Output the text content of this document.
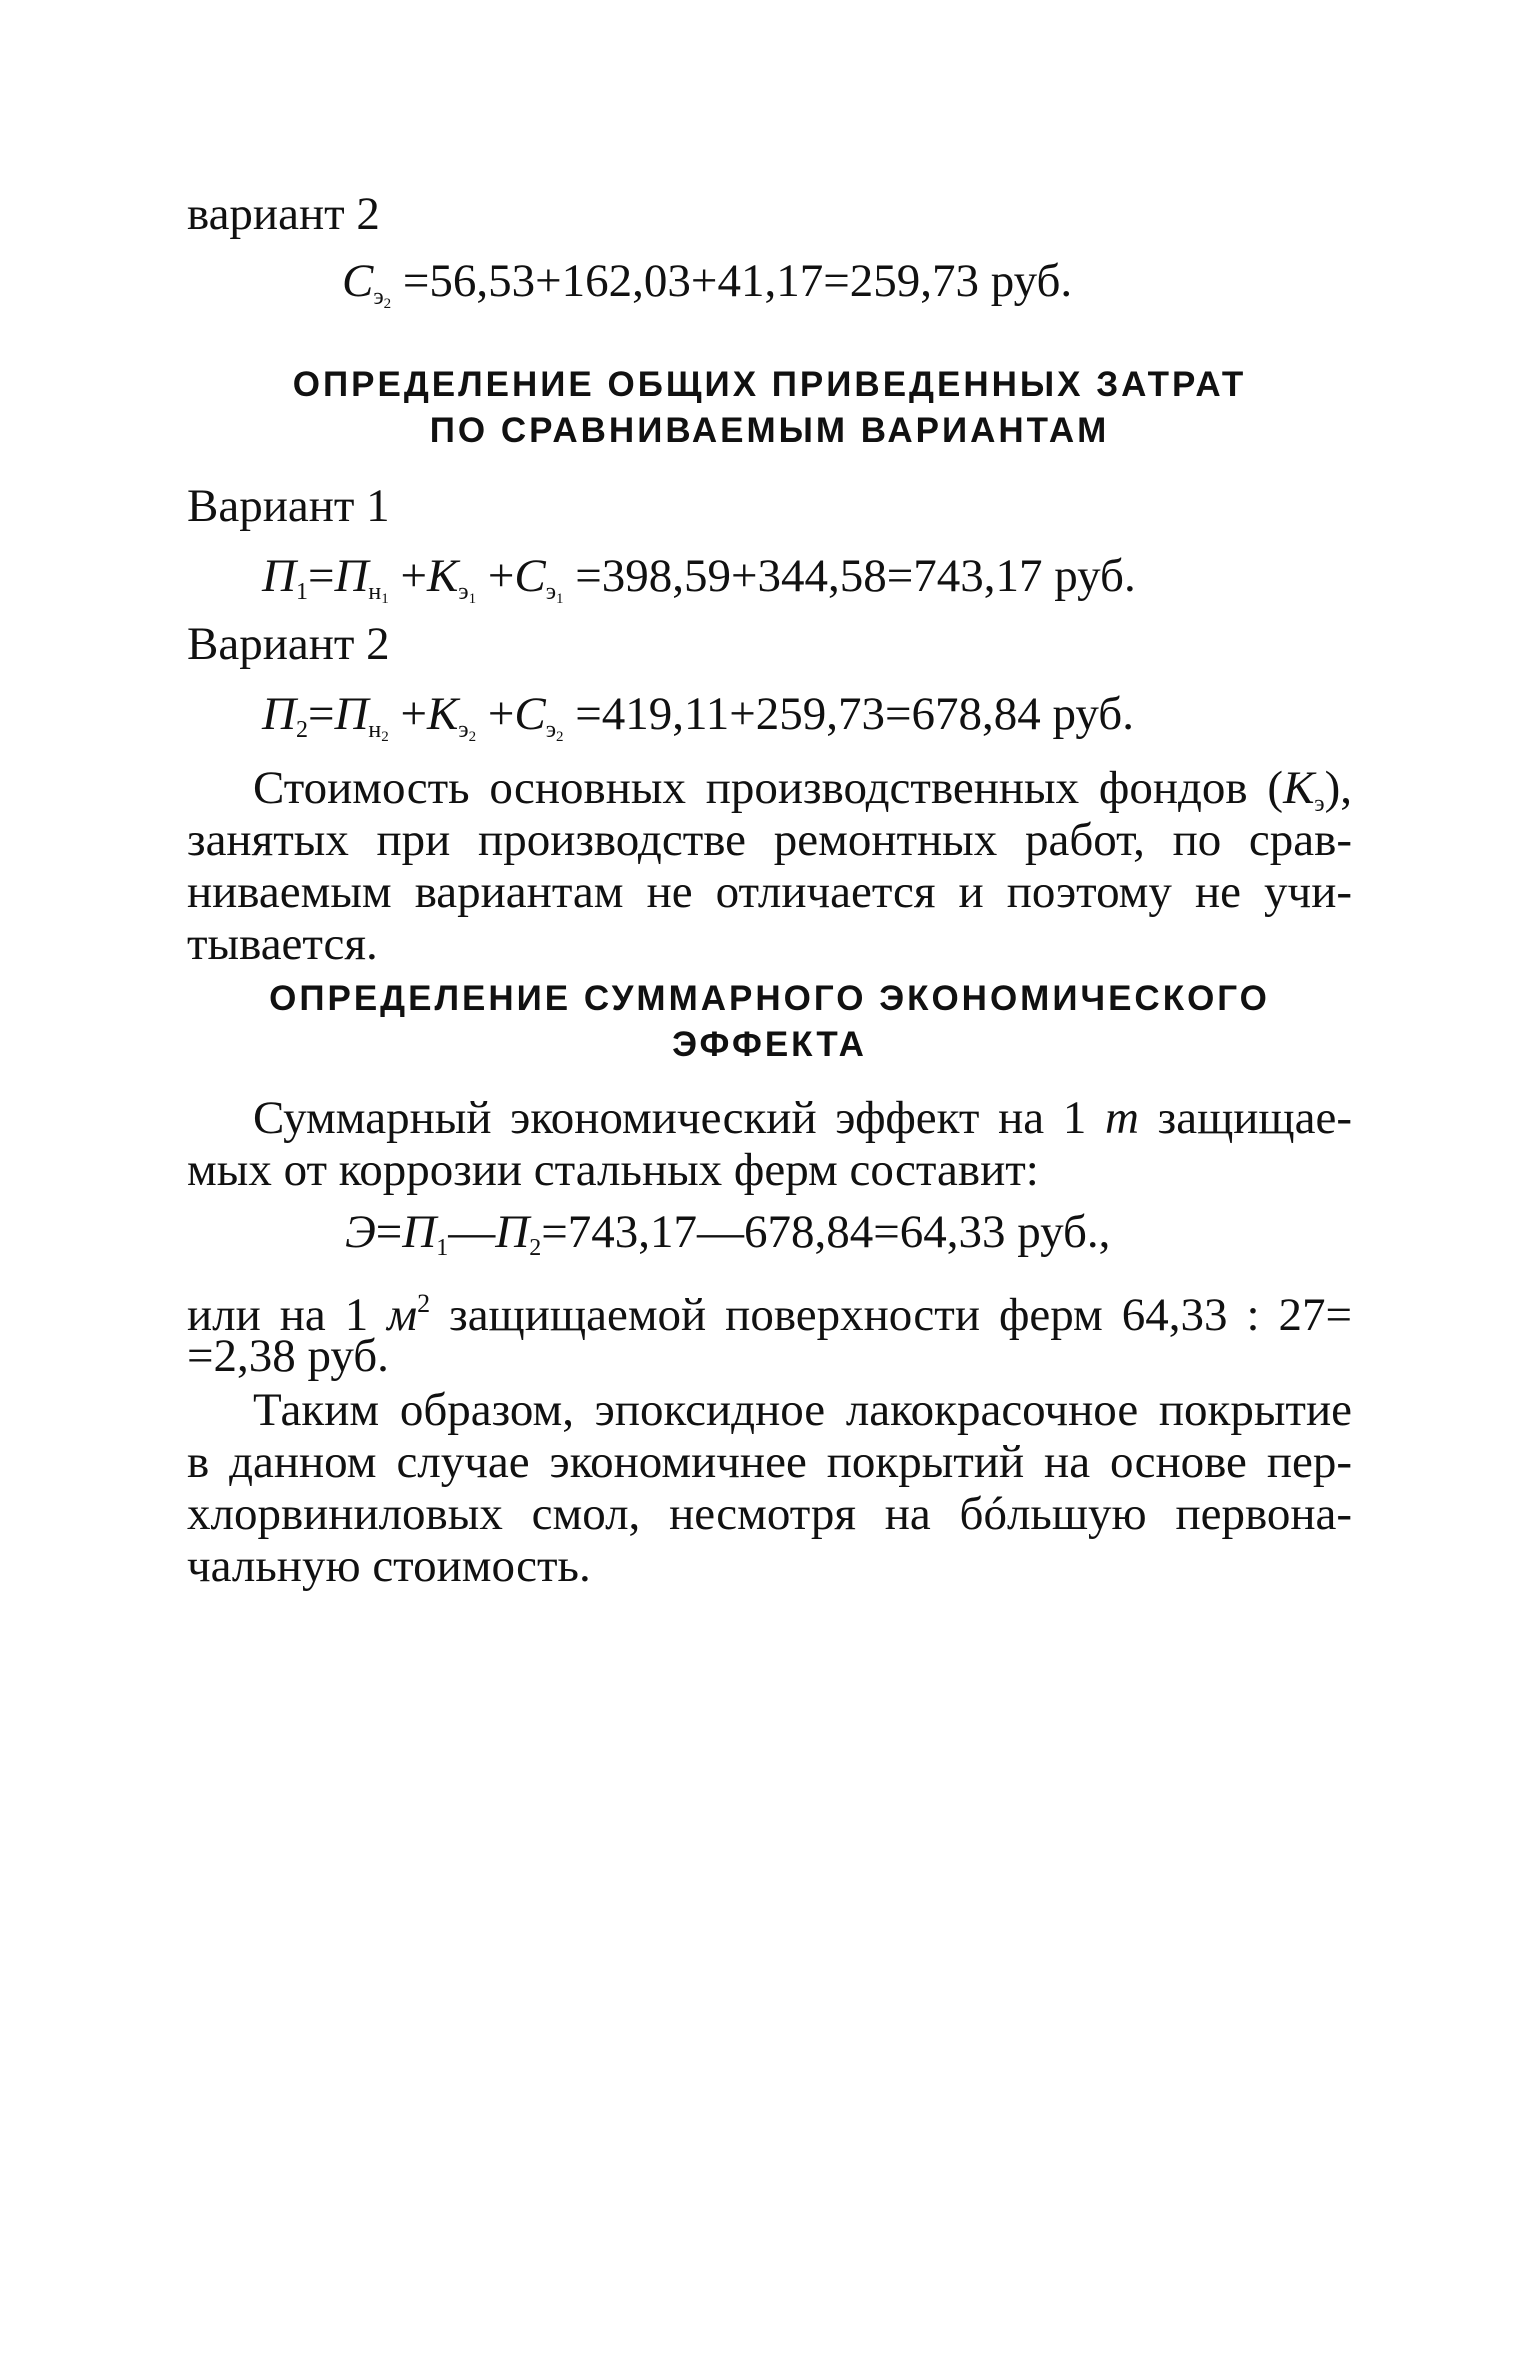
вариант 2
$С_{э_2} =56,53+162,03+41,17=259,73$ руб.
ОПРЕДЕЛЕНИЕ ОБЩИХ ПРИВЕДЕННЫХ ЗАТРАТ
ПО СРАВНИВАЕМЫМ ВАРИАНТАМ
Вариант 1
$П_1=П_{н_1} +К_{э_1} +С_{э_1} =398,59+344,58=743,17$ руб.
Вариант 2
$П_2=П_{н_2} +К_{э_2} +С_{э_2} =419,11+259,73=678,84$ руб.
Стоимость основных производственных фондов $(К_э)$,
занятых при производстве ремонтных работ, по срав-
ниваемым вариантам не отличается и поэтому не учи-
тывается.
ОПРЕДЕЛЕНИЕ СУММАРНОГО ЭКОНОМИЧЕСКОГО
ЭФФЕКТА
Суммарный экономический эффект на 1 т защищае-
мых от коррозии стальных ферм составит:
$Э=П_1—П_2=743,17—678,84=64,33$ руб.,
или на 1 $м^2$ защищаемой поверхности ферм 64,33 : 27=
=2,38 руб.
Таким образом, эпоксидное лакокрасочное покрытие
в данном случае экономичнее покрытий на основе пер-
хлорвиниловых смол, несмотря на бóльшую первона-
чальную стоимость.
